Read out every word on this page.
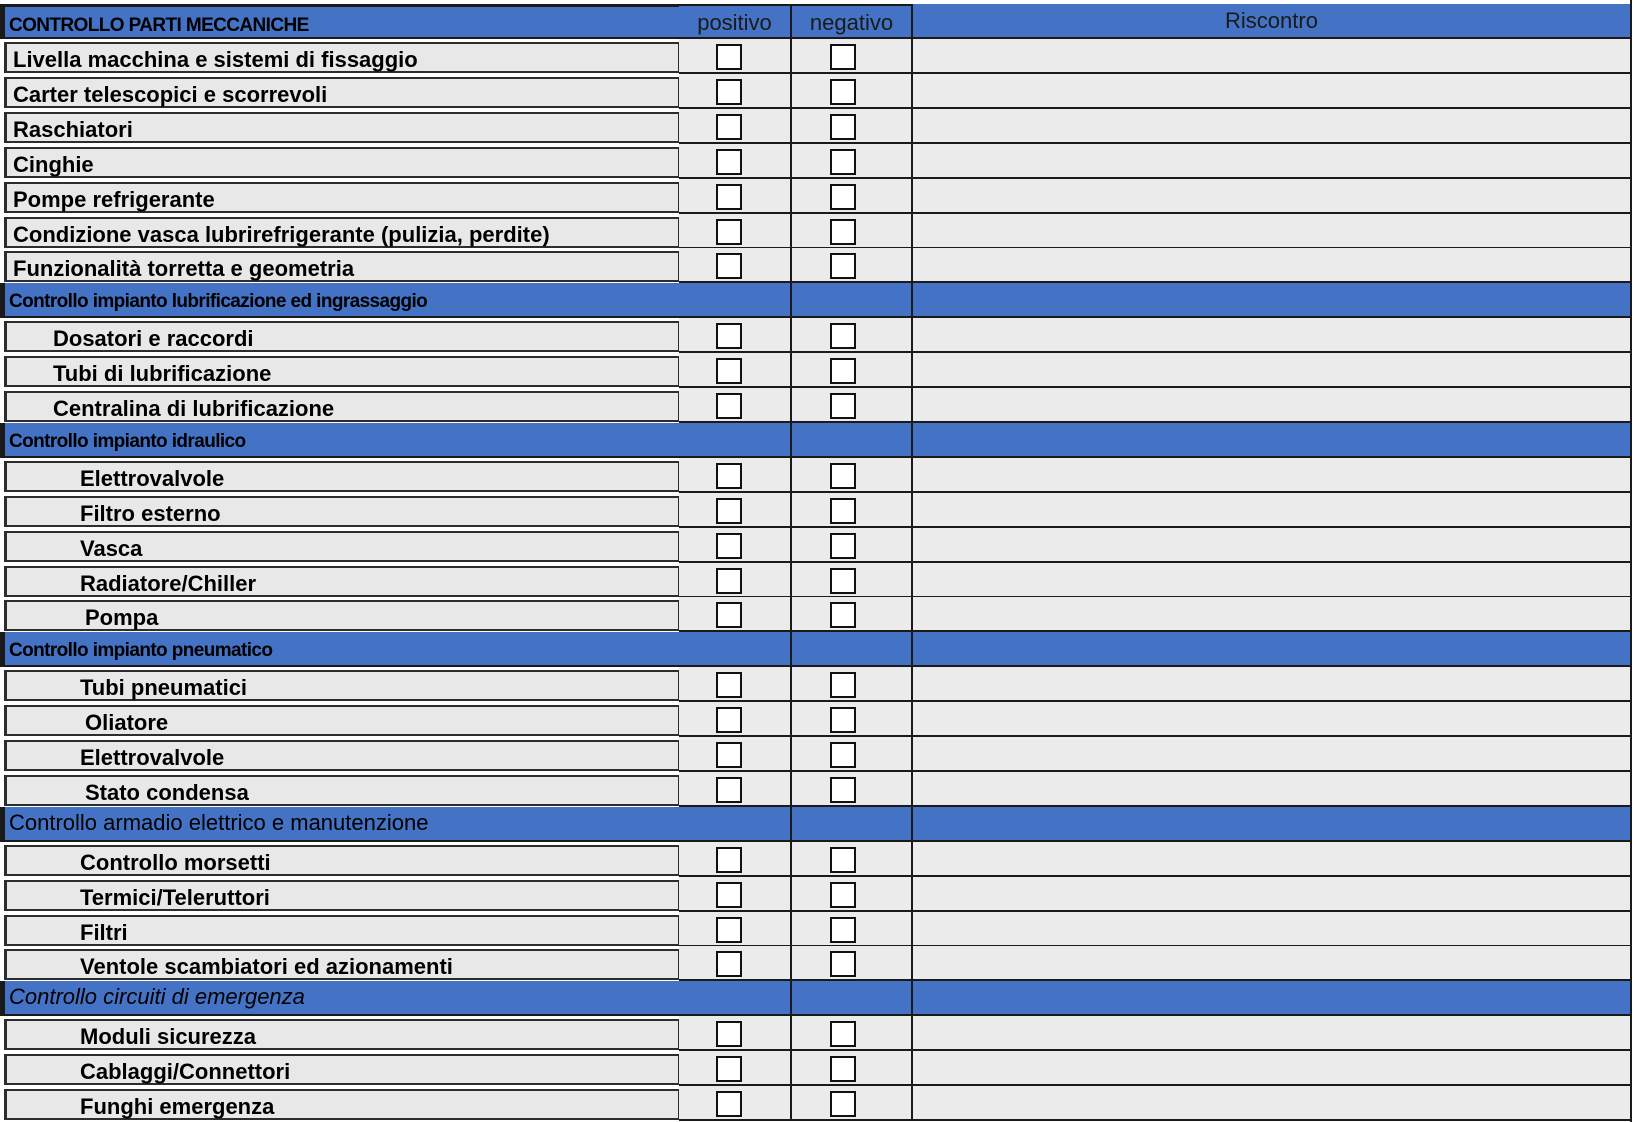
CONTROLLO PARTI MECCANICHE	positivo	negativo	Riscontro
Livella macchina e sistemi di fissaggio
Carter telescopici e scorrevoli
Raschiatori
Cinghie
Pompe refrigerante
Condizione vasca lubrirefrigerante (pulizia, perdite)
Funzionalità torretta e geometria
Controllo impianto lubrificazione ed ingrassaggio
Dosatori e raccordi
Tubi di lubrificazione
Centralina di lubrificazione
Controllo impianto idraulico
Elettrovalvole
Filtro esterno
Vasca
Radiatore/Chiller
Pompa
Controllo impianto pneumatico
Tubi pneumatici
Oliatore
Elettrovalvole
Stato condensa
Controllo armadio elettrico e manutenzione
Controllo morsetti
Termici/Teleruttori
Filtri
Ventole scambiatori ed azionamenti
Controllo circuiti di emergenza
Moduli sicurezza
Cablaggi/Connettori
Funghi emergenza
